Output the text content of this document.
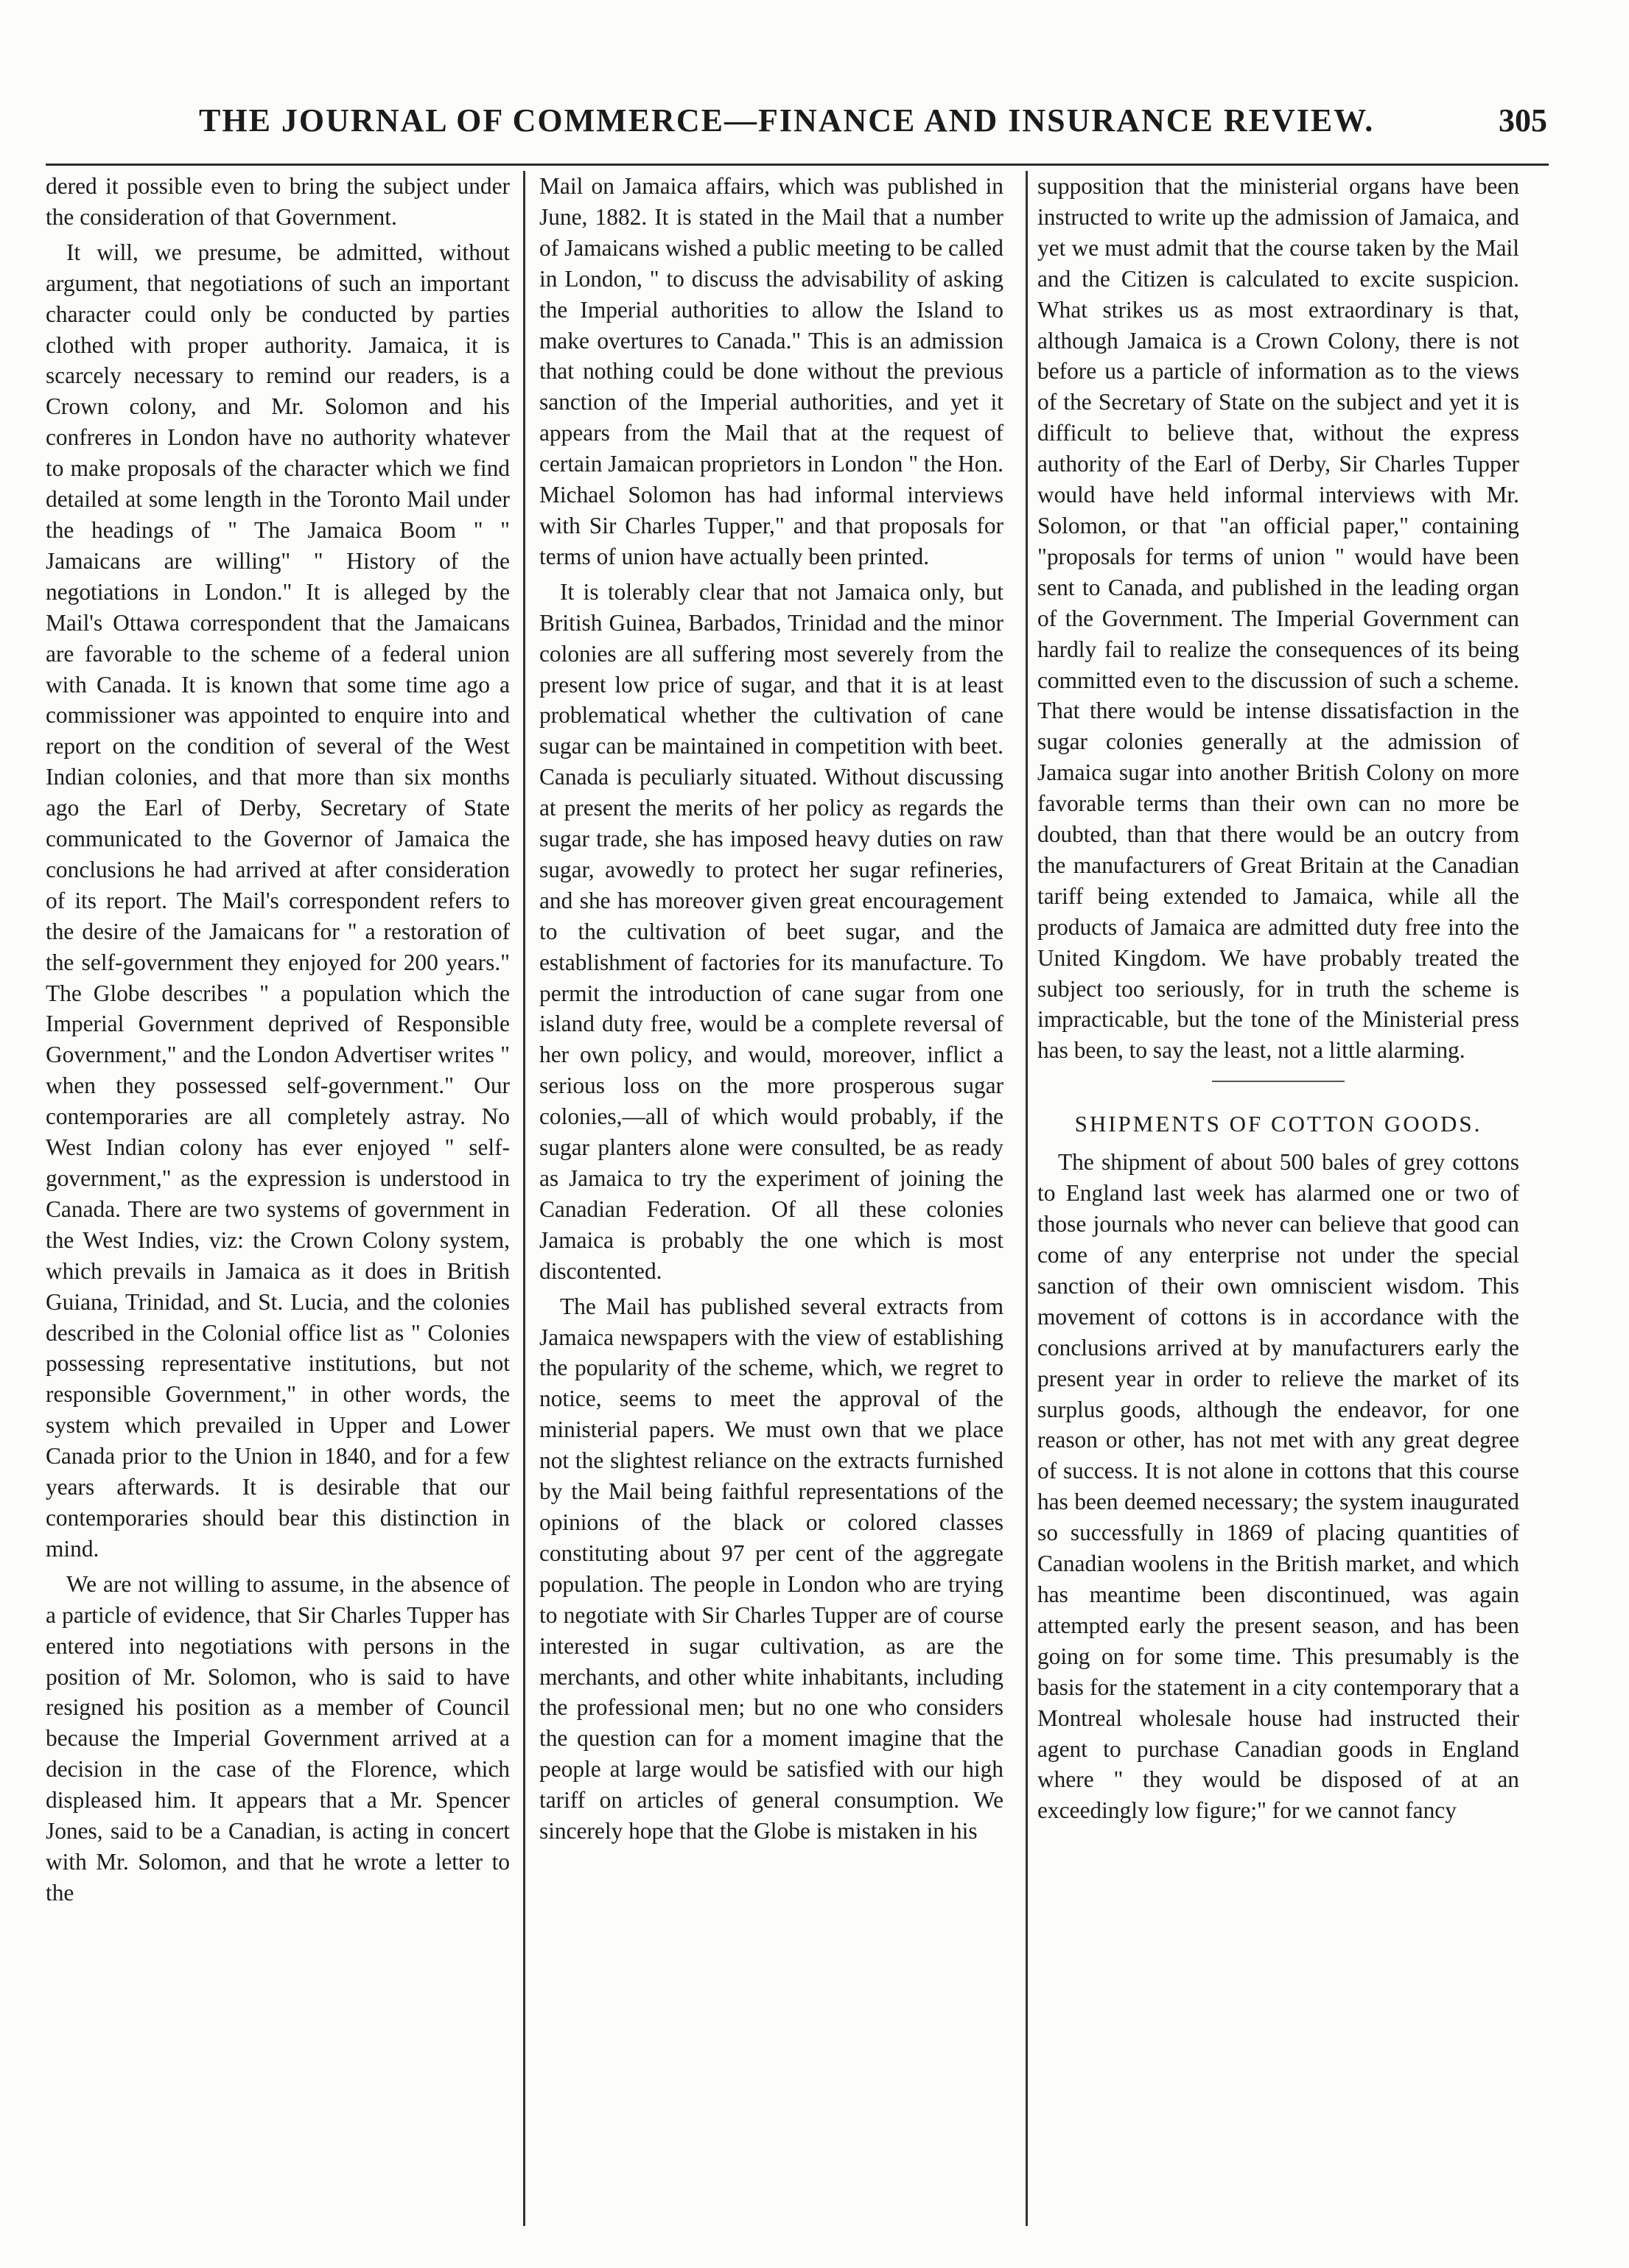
THE JOURNAL OF COMMERCE—FINANCE AND INSURANCE REVIEW.	305

dered it possible even to bring the subject under the consideration of that Government.

It will, we presume, be admitted, without argument, that negotiations of such an important character could only be conducted by parties clothed with proper authority. Jamaica, it is scarcely necessary to remind our readers, is a Crown colony, and Mr. Solomon and his confreres in London have no authority whatever to make proposals of the character which we find detailed at some length in the Toronto Mail under the headings of " The Jamaica Boom " " Jamaicans are willing" " History of the negotiations in London." It is alleged by the Mail's Ottawa correspondent that the Jamaicans are favorable to the scheme of a federal union with Canada. It is known that some time ago a commissioner was appointed to enquire into and report on the condition of several of the West Indian colonies, and that more than six months ago the Earl of Derby, Secretary of State communicated to the Governor of Jamaica the conclusions he had arrived at after consideration of its report. The Mail's correspondent refers to the desire of the Jamaicans for " a restoration of the self-government they enjoyed for 200 years." The Globe describes " a population which the Imperial Government deprived of Responsible Government," and the London Advertiser writes " when they possessed self-government." Our contemporaries are all completely astray. No West Indian colony has ever enjoyed " self-government," as the expression is understood in Canada. There are two systems of government in the West Indies, viz: the Crown Colony system, which prevails in Jamaica as it does in British Guiana, Trinidad, and St. Lucia, and the colonies described in the Colonial office list as " Colonies possessing representative institutions, but not responsible Government," in other words, the system which prevailed in Upper and Lower Canada prior to the Union in 1840, and for a few years afterwards. It is desirable that our contemporaries should bear this distinction in mind.

We are not willing to assume, in the absence of a particle of evidence, that Sir Charles Tupper has entered into negotiations with persons in the position of Mr. Solomon, who is said to have resigned his position as a member of Council because the Imperial Government arrived at a decision in the case of the Florence, which displeased him. It appears that a Mr. Spencer Jones, said to be a Canadian, is acting in concert with Mr. Solomon, and that he wrote a letter to the

Mail on Jamaica affairs, which was published in June, 1882. It is stated in the Mail that a number of Jamaicans wished a public meeting to be called in London, " to discuss the advisability of asking the Imperial authorities to allow the Island to make overtures to Canada." This is an admission that nothing could be done without the previous sanction of the Imperial authorities, and yet it appears from the Mail that at the request of certain Jamaican proprietors in London " the Hon. Michael Solomon has had informal interviews with Sir Charles Tupper," and that proposals for terms of union have actually been printed.

It is tolerably clear that not Jamaica only, but British Guinea, Barbados, Trinidad and the minor colonies are all suffering most severely from the present low price of sugar, and that it is at least problematical whether the cultivation of cane sugar can be maintained in competition with beet. Canada is peculiarly situated. Without discussing at present the merits of her policy as regards the sugar trade, she has imposed heavy duties on raw sugar, avowedly to protect her sugar refineries, and she has moreover given great encouragement to the cultivation of beet sugar, and the establishment of factories for its manufacture. To permit the introduction of cane sugar from one island duty free, would be a complete reversal of her own policy, and would, moreover, inflict a serious loss on the more prosperous sugar colonies,—all of which would probably, if the sugar planters alone were consulted, be as ready as Jamaica to try the experiment of joining the Canadian Federation. Of all these colonies Jamaica is probably the one which is most discontented.

The Mail has published several extracts from Jamaica newspapers with the view of establishing the popularity of the scheme, which, we regret to notice, seems to meet the approval of the ministerial papers. We must own that we place not the slightest reliance on the extracts furnished by the Mail being faithful representations of the opinions of the black or colored classes constituting about 97 per cent of the aggregate population. The people in London who are trying to negotiate with Sir Charles Tupper are of course interested in sugar cultivation, as are the merchants, and other white inhabitants, including the professional men; but no one who considers the question can for a moment imagine that the people at large would be satisfied with our high tariff on articles of general consumption. We sincerely hope that the Globe is mistaken in his

supposition that the ministerial organs have been instructed to write up the admission of Jamaica, and yet we must admit that the course taken by the Mail and the Citizen is calculated to excite suspicion. What strikes us as most extraordinary is that, although Jamaica is a Crown Colony, there is not before us a particle of information as to the views of the Secretary of State on the subject and yet it is difficult to believe that, without the express authority of the Earl of Derby, Sir Charles Tupper would have held informal interviews with Mr. Solomon, or that "an official paper," containing "proposals for terms of union " would have been sent to Canada, and published in the leading organ of the Government. The Imperial Government can hardly fail to realize the consequences of its being committed even to the discussion of such a scheme. That there would be intense dissatisfaction in the sugar colonies generally at the admission of Jamaica sugar into another British Colony on more favorable terms than their own can no more be doubted, than that there would be an outcry from the manufacturers of Great Britain at the Canadian tariff being extended to Jamaica, while all the products of Jamaica are admitted duty free into the United Kingdom. We have probably treated the subject too seriously, for in truth the scheme is impracticable, but the tone of the Ministerial press has been, to say the least, not a little alarming.

SHIPMENTS OF COTTON GOODS.

The shipment of about 500 bales of grey cottons to England last week has alarmed one or two of those journals who never can believe that good can come of any enterprise not under the special sanction of their own omniscient wisdom. This movement of cottons is in accordance with the conclusions arrived at by manufacturers early the present year in order to relieve the market of its surplus goods, although the endeavor, for one reason or other, has not met with any great degree of success. It is not alone in cottons that this course has been deemed necessary; the system inaugurated so successfully in 1869 of placing quantities of Canadian woolens in the British market, and which has meantime been discontinued, was again attempted early the present season, and has been going on for some time. This presumably is the basis for the statement in a city contemporary that a Montreal wholesale house had instructed their agent to purchase Canadian goods in England where " they would be disposed of at an exceedingly low figure;" for we cannot fancy
